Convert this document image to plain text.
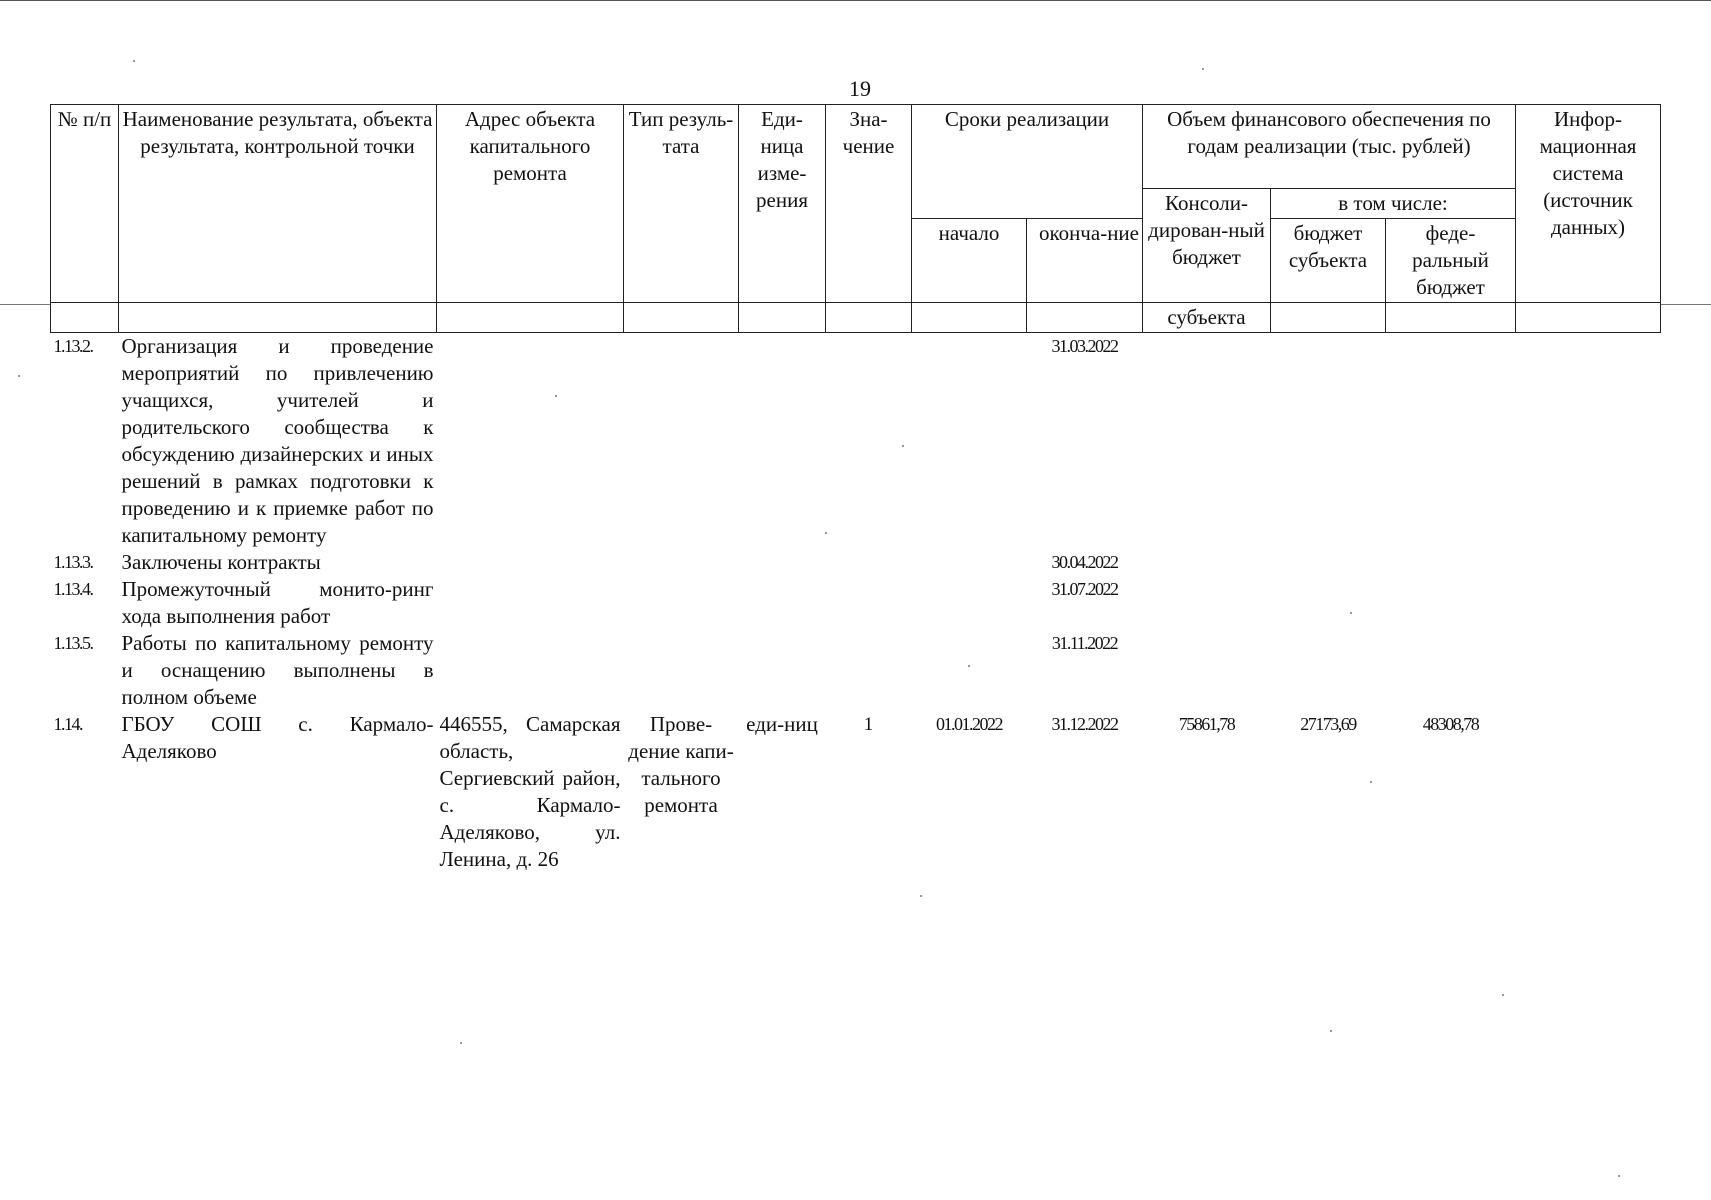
19
№ п/п	Наименование результата, объекта результата, контрольной точки	Адрес объекта капитального ремонта	Тип резуль-тата	Еди-ница изме-рения	Зна-чение	Сроки реализации		Объем финансового обеспечения по годам реализации (тыс. рублей)			Инфор-мационная система (источник данных)
								Консоли-дирован-ный бюджет	в том числе:		
						начало	оконча-ние		бюджет субъекта	феде-ральный бюджет	
								субъекта			
1.13.2.	Организация и проведение мероприятий по привлечению учащихся, учителей и родительского сообщества к обсуждению дизайнерских и иных решений в рамках подготовки к проведению и к приемке работ по капитальному ремонту						31.03.2022				
1.13.3.	Заключены контракты						30.04.2022				
1.13.4.	Промежуточный монито-ринг хода выполнения работ						31.07.2022				
1.13.5.	Работы по капитальному ремонту и оснащению выполнены в полном объеме						31.11.2022				
1.14.	ГБОУ СОШ с. Кармало-Аделяково	446555, Самарская область, Сергиевский район, с. Кармало-Аделяково, ул. Ленина, д. 26	Прове-дение капи-тального ремонта	еди-ниц	1	01.01.2022	31.12.2022	75861,78	27173,69	48308,78	
